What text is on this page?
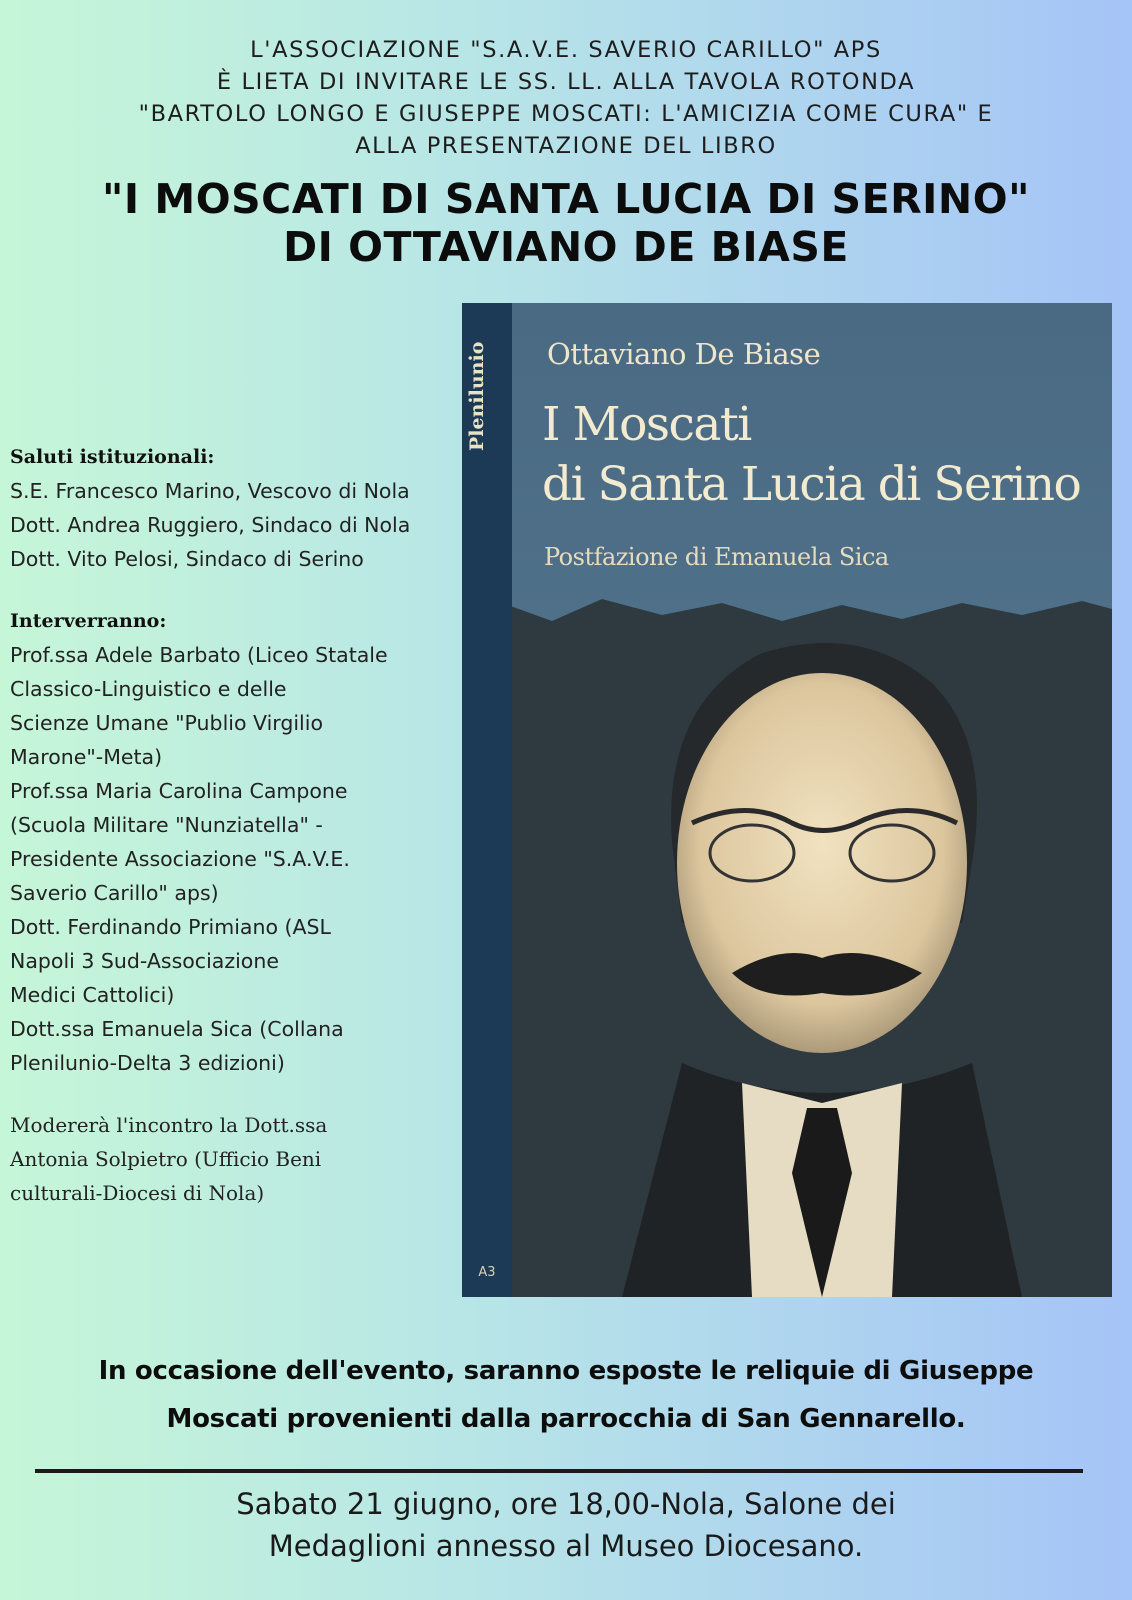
L'ASSOCIAZIONE "S.A.V.E. SAVERIO CARILLO" APS
È LIETA DI INVITARE LE SS. LL. ALLA TAVOLA ROTONDA
"BARTOLO LONGO E GIUSEPPE MOSCATI: L'AMICIZIA COME CURA" E
ALLA PRESENTAZIONE DEL LIBRO
"I MOSCATI DI SANTA LUCIA DI SERINO"
DI OTTAVIANO DE BIASE
Saluti istituzionali:
S.E. Francesco Marino, Vescovo di Nola
Dott. Andrea Ruggiero, Sindaco di Nola
Dott. Vito Pelosi, Sindaco di Serino
Interverranno:
Prof.ssa Adele Barbato (Liceo Statale
Classico-Linguistico e delle
Scienze Umane "Publio Virgilio
Marone"-Meta)
Prof.ssa Maria Carolina Campone
(Scuola Militare "Nunziatella" -
Presidente Associazione "S.A.V.E.
Saverio Carillo" aps)
Dott. Ferdinando Primiano (ASL
Napoli 3 Sud-Associazione
Medici Cattolici)
Dott.ssa Emanuela Sica (Collana
Plenilunio-Delta 3 edizioni)
Modererà l'incontro la Dott.ssa
Antonia Solpietro (Ufficio Beni
culturali-Diocesi di Nola)
Plenilunio Ottaviano De Biase
I Moscati
di Santa Lucia di Serino
Postfazione di Emanuela Sica
A3
In occasione dell'evento, saranno esposte le reliquie di Giuseppe
Moscati provenienti dalla parrocchia di San Gennarello.
Sabato 21 giugno, ore 18,00-Nola, Salone dei
Medaglioni annesso al Museo Diocesano.
